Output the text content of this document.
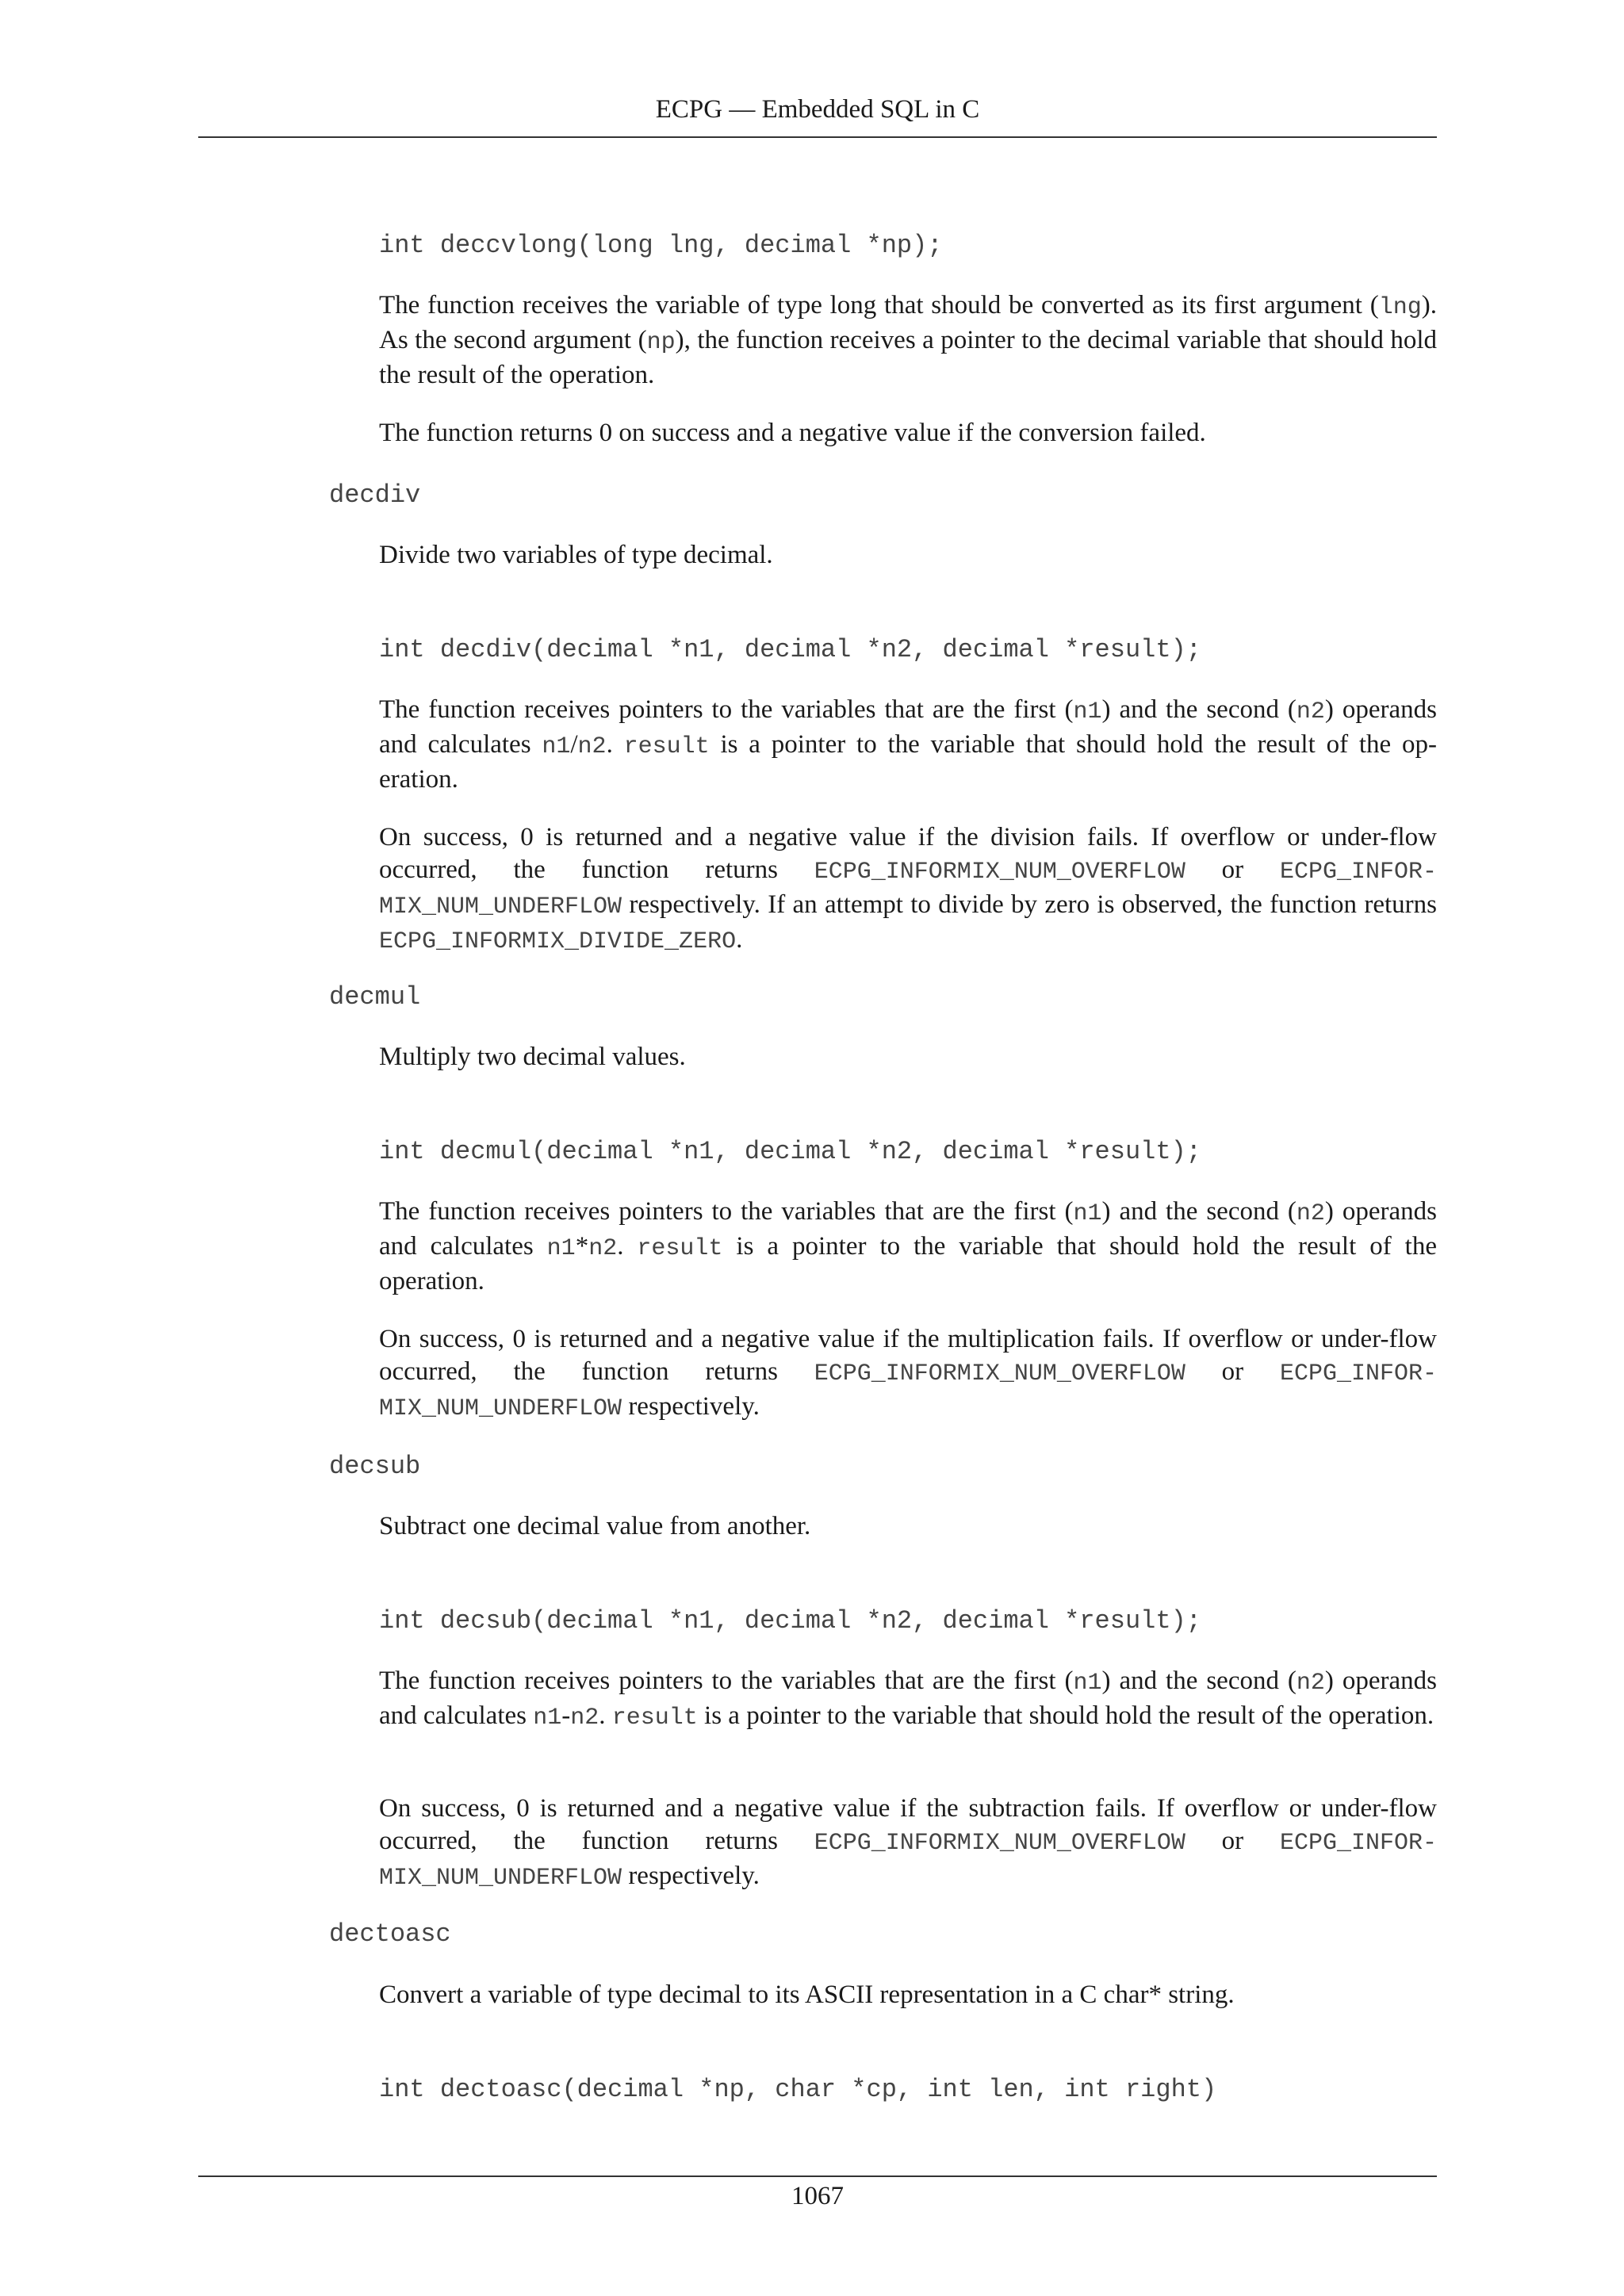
ECPG — Embedded SQL in C
int deccvlong(long lng, decimal *np);
The function receives the variable of type long that should be converted as its first argument (lng). As the second argument (np), the function receives a pointer to the decimal variable that should hold the result of the operation.
The function returns 0 on success and a negative value if the conversion failed.
decdiv
Divide two variables of type decimal.
int decdiv(decimal *n1, decimal *n2, decimal *result);
The function receives pointers to the variables that are the first (n1) and the second (n2) operands and calculates n1/n2. result is a pointer to the variable that should hold the result of the op-eration.
On success, 0 is returned and a negative value if the division fails. If overflow or under-flow occurred, the function returns ECPG_INFORMIX_NUM_OVERFLOW or ECPG_INFOR-MIX_NUM_UNDERFLOW respectively. If an attempt to divide by zero is observed, the function returns ECPG_INFORMIX_DIVIDE_ZERO.
decmul
Multiply two decimal values.
int decmul(decimal *n1, decimal *n2, decimal *result);
The function receives pointers to the variables that are the first (n1) and the second (n2) operands and calculates n1*n2. result is a pointer to the variable that should hold the result of the operation.
On success, 0 is returned and a negative value if the multiplication fails. If overflow or under-flow occurred, the function returns ECPG_INFORMIX_NUM_OVERFLOW or ECPG_INFOR-MIX_NUM_UNDERFLOW respectively.
decsub
Subtract one decimal value from another.
int decsub(decimal *n1, decimal *n2, decimal *result);
The function receives pointers to the variables that are the first (n1) and the second (n2) operands and calculates n1-n2. result is a pointer to the variable that should hold the result of the operation.
On success, 0 is returned and a negative value if the subtraction fails. If overflow or under-flow occurred, the function returns ECPG_INFORMIX_NUM_OVERFLOW or ECPG_INFOR-MIX_NUM_UNDERFLOW respectively.
dectoasc
Convert a variable of type decimal to its ASCII representation in a C char* string.
int dectoasc(decimal *np, char *cp, int len, int right)
1067
